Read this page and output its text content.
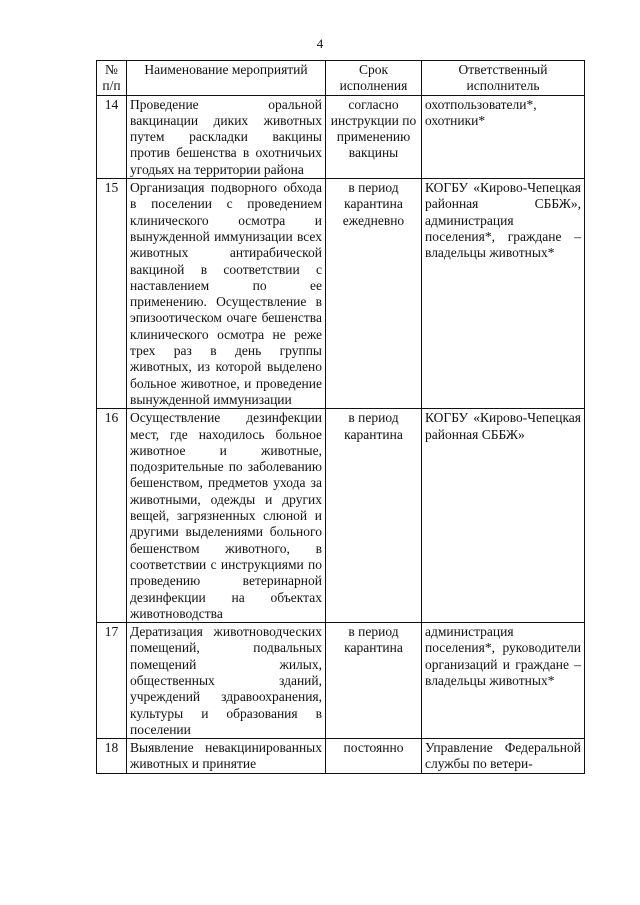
4
№ п/п	Наименование мероприятий	Срок исполнения	Ответственный исполнитель
14	Проведение оральной вакцинации диких животных путем раскладки вакцины против бешенства в охотничьих угодьях на территории района	согласно инструкции по применению вакцины	охотпользователи*, охотники*
15	Организация подворного обхода в поселении с проведением клинического осмотра и вынужденной иммунизации всех животных антирабической вакциной в соответствии с наставлением по ее применению. Осуществление в эпизоотическом очаге бешенства клинического осмотра не реже трех раз в день группы животных, из которой выделено больное животное, и проведение вынужденной иммунизации	в период карантина ежедневно	КОГБУ «Кирово-Чепецкая районная СББЖ», администрация поселения*, граждане – владельцы животных*
16	Осуществление дезинфекции мест, где находилось больное животное и животные, подозрительные по заболеванию бешенством, предметов ухода за животными, одежды и других вещей, загрязненных слюной и другими выделениями больного бешенством животного, в соответствии с инструкциями по проведению ветеринарной дезинфекции на объектах животноводства	в период карантина	КОГБУ «Кирово-Чепецкая районная СББЖ»
17	Дератизация животноводческих помещений, подвальных помещений жилых, общественных зданий, учреждений здравоохранения, культуры и образования в поселении	в период карантина	администрация поселения*, руководители организаций и граждане – владельцы животных*
18	Выявление невакцинированных животных и принятие	постоянно	Управление Федеральной службы по ветери-
